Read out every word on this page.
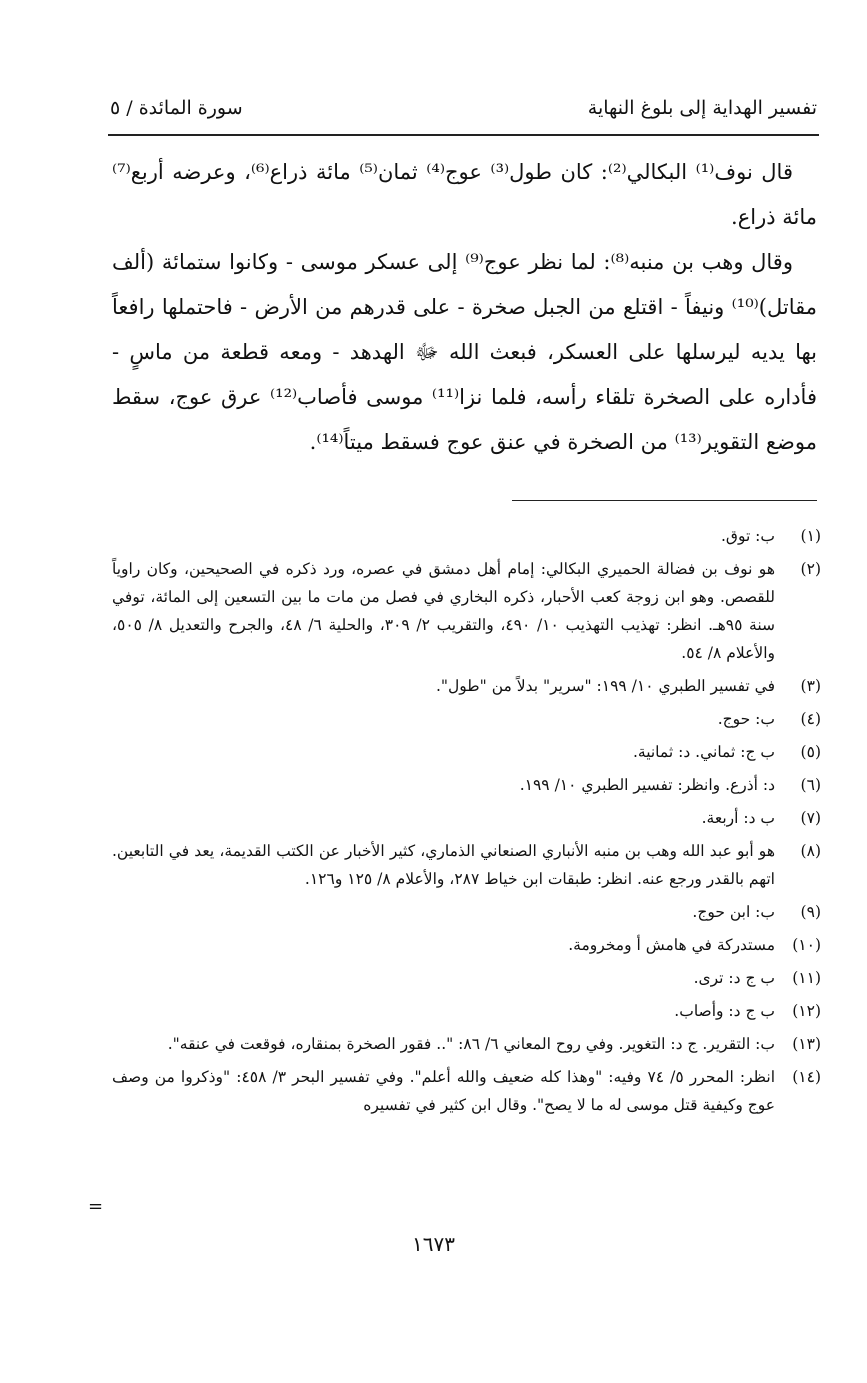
تفسير الهداية إلى بلوغ النهاية
سورة المائدة / ٥

قال نوف⁽¹⁾ البكالي⁽²⁾: كان طول⁽³⁾ عوج⁽⁴⁾ ثمان⁽⁵⁾ مائة ذراع⁽⁶⁾، وعرضه أربع⁽⁷⁾ مائة ذراع.

وقال وهب بن منبه⁽⁸⁾: لما نظر عوج⁽⁹⁾ إلى عسكر موسى - وكانوا ستمائة (ألف مقاتل)⁽¹⁰⁾ ونيفاً - اقتلع من الجبل صخرة - على قدرهم من الأرض - فاحتملها رافعاً بها يديه ليرسلها على العسكر، فبعث الله ﷻ الهدهد - ومعه قطعة من ماسٍ - فأداره على الصخرة تلقاء رأسه، فلما نزا⁽¹¹⁾ موسى فأصاب⁽¹²⁾ عرق عوج، سقط موضع التقوير⁽¹³⁾ من الصخرة في عنق عوج فسقط ميتاً⁽¹⁴⁾.

(١)
ب: توق.
(٢)
هو نوف بن فضالة الحميري البكالي: إمام أهل دمشق في عصره، ورد ذكره في الصحيحين، وكان راوياً للقصص. وهو ابن زوجة كعب الأحبار، ذكره البخاري في فصل من مات ما بين التسعين إلى المائة، توفي سنة ٩٥هـ. انظر: تهذيب التهذيب ١٠/ ٤٩٠، والتقريب ٢/ ٣٠٩، والحلية ٦/ ٤٨، والجرح والتعديل ٨/ ٥٠٥، والأعلام ٨/ ٥٤.
(٣)
في تفسير الطبري ١٠/ ١٩٩: "سرير" بدلاً من "طول".
(٤)
ب: حوج.
(٥)
ب ج: ثماني. د: ثمانية.
(٦)
د: أذرع. وانظر: تفسير الطبري ١٠/ ١٩٩.
(٧)
ب د: أربعة.
(٨)
هو أبو عبد الله وهب بن منبه الأنباري الصنعاني الذماري، كثير الأخبار عن الكتب القديمة، يعد في التابعين. اتهم بالقدر ورجع عنه. انظر: طبقات ابن خياط ٢٨٧، والأعلام ٨/ ١٢٥ و١٢٦.
(٩)
ب: ابن حوج.
(١٠)
مستدركة في هامش أ ومخرومة.
(١١)
ب ج د: ترى.
(١٢)
ب ج د: وأصاب.
(١٣)
ب: التقرير. ج د: التغوير. وفي روح المعاني ٦/ ٨٦: ".. فقور الصخرة بمنقاره، فوقعت في عنقه".
(١٤)
انظر: المحرر ٥/ ٧٤ وفيه: "وهذا كله ضعيف والله أعلم". وفي تفسير البحر ٣/ ٤٥٨: "وذكروا من وصف عوج وكيفية قتل موسى له ما لا يصح". وقال ابن كثير في تفسيره
=
١٦٧٣
